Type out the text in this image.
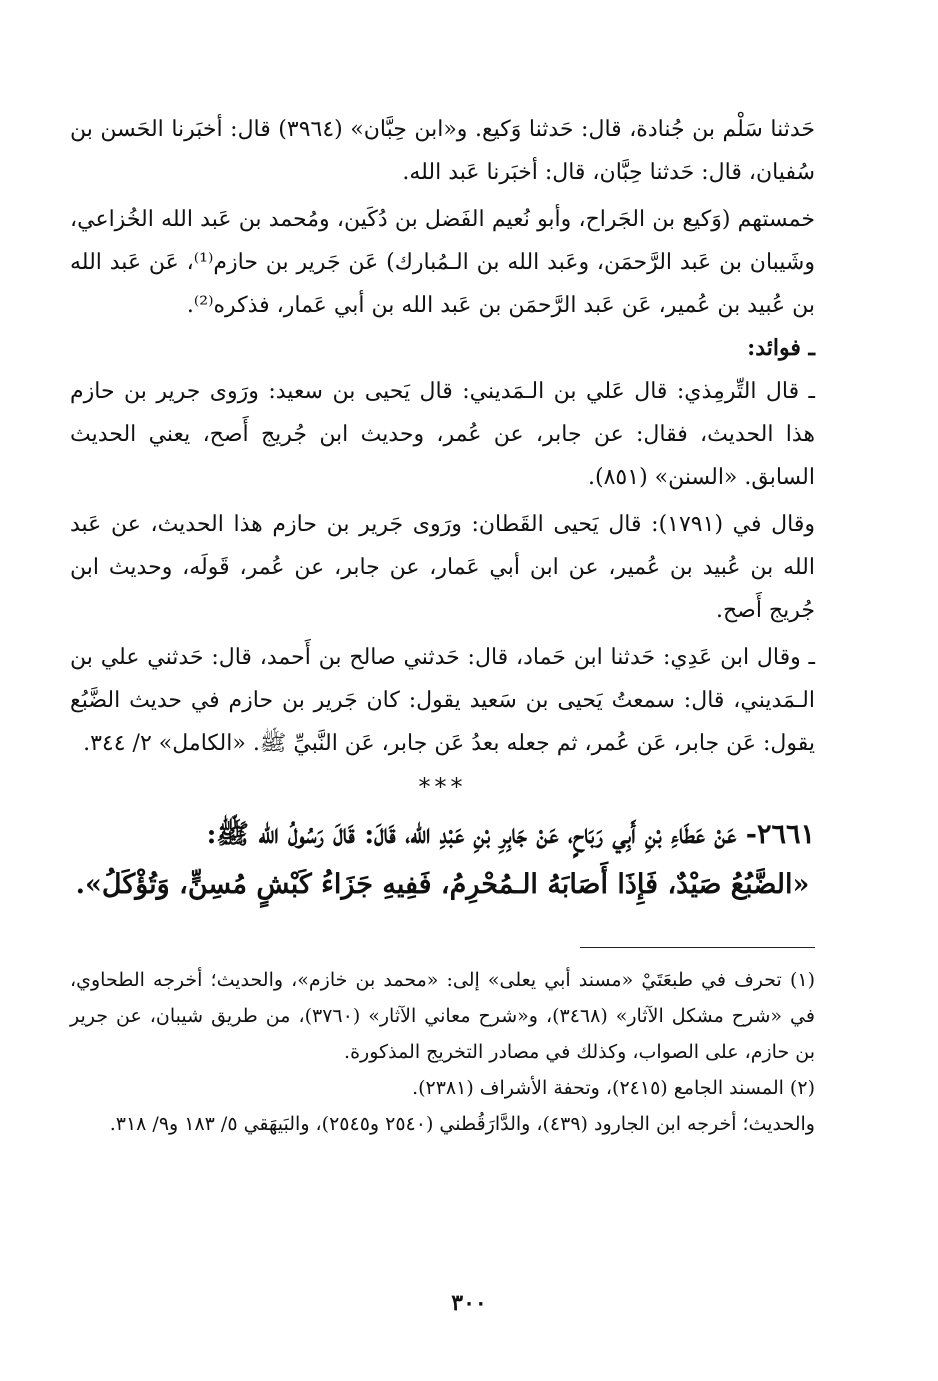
حَدثنا سَلْم بن جُنادة، قال: حَدثنا وَكيع. و«ابن حِبَّان» (٣٩٦٤) قال: أخبَرنا الحَسن بن سُفيان، قال: حَدثنا حِبَّان، قال: أخبَرنا عَبد الله.

خمستهم (وَكيع بن الجَراح، وأبو نُعيم الفَضل بن دُكَين، ومُحمد بن عَبد الله الخُزاعي، وشَيبان بن عَبد الرَّحمَن، وعَبد الله بن الـمُبارك) عَن جَرير بن حازم⁽¹⁾، عَن عَبد الله بن عُبيد بن عُمير، عَن عَبد الرَّحمَن بن عَبد الله بن أبي عَمار، فذكره⁽²⁾.

ـ فوائد:

ـ قال التِّرمِذي: قال عَلي بن الـمَديني: قال يَحيى بن سعيد: ورَوى جرير بن حازم هذا الحديث، فقال: عن جابر، عن عُمر، وحديث ابن جُريج أَصح، يعني الحديث السابق. «السنن» (٨٥١).

وقال في (١٧٩١): قال يَحيى القَطان: ورَوى جَرير بن حازم هذا الحديث، عن عَبد الله بن عُبيد بن عُمير، عن ابن أبي عَمار، عن جابر، عن عُمر، قَولَه، وحديث ابن جُريج أَصح.

ـ وقال ابن عَدِي: حَدثنا ابن حَماد، قال: حَدثني صالح بن أَحمد، قال: حَدثني علي بن الـمَديني، قال: سمعتُ يَحيى بن سَعيد يقول: كان جَرير بن حازم في حديث الضَّبُع يقول: عَن جابر، عَن عُمر، ثم جعله بعدُ عَن جابر، عَن النَّبيِّ ﷺ. «الكامل» ٢/ ٣٤٤.

***

٢٦٦١- عَنْ عَطَاءِ بْنِ أَبِي رَبَاحٍ، عَنْ جَابِرِ بْنِ عَبْدِ الله، قَالَ: قَالَ رَسُولُ الله ﷺ:

«الضَّبُعُ صَيْدٌ، فَإِذَا أَصَابَهُ الـمُحْرِمُ، فَفِيهِ جَزَاءُ كَبْشٍ مُسِنٍّ، وَتُؤْكَلُ».

(١) تحرف في طبعَتَيْ «مسند أبي يعلى» إلى: «محمد بن خازم»، والحديث؛ أخرجه الطحاوي، في «شرح مشكل الآثار» (٣٤٦٨)، و«شرح معاني الآثار» (٣٧٦٠)، من طريق شيبان، عن جرير بن حازم، على الصواب، وكذلك في مصادر التخريج المذكورة.

(٢) المسند الجامع (٢٤١٥)، وتحفة الأشراف (٢٣٨١).

والحديث؛ أخرجه ابن الجارود (٤٣٩)، والدَّارَقُطني (٢٥٤٠ و٢٥٤٥)، والبَيهَقي ٥/ ١٨٣ و٩/ ٣١٨.

٣٠٠
